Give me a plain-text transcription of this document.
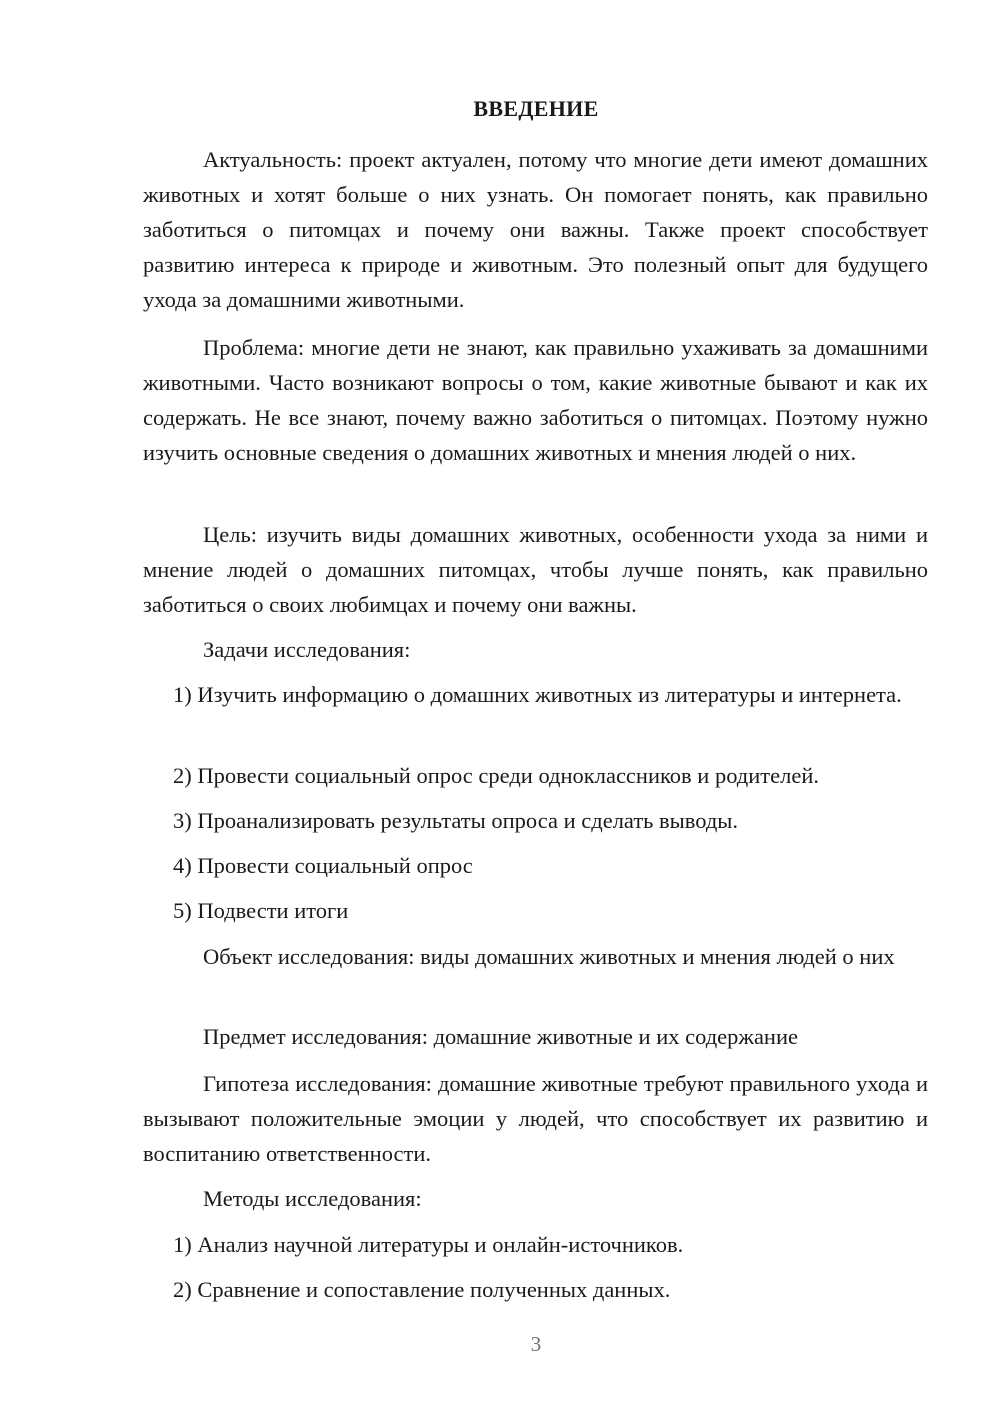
ВВЕДЕНИЕ

Актуальность: проект актуален, потому что многие дети имеют домашних животных и хотят больше о них узнать. Он помогает понять, как правильно заботиться о питомцах и почему они важны. Также проект способствует развитию интереса к природе и животным. Это полезный опыт для будущего ухода за домашними животными.

Проблема: многие дети не знают, как правильно ухаживать за домашними животными. Часто возникают вопросы о том, какие животные бывают и как их содержать. Не все знают, почему важно заботиться о питомцах. Поэтому нужно изучить основные сведения о домашних животных и мнения людей о них.

Цель: изучить виды домашних животных, особенности ухода за ними и мнение людей о домашних питомцах, чтобы лучше понять, как правильно заботиться о своих любимцах и почему они важны.

Задачи исследования:

1) Изучить информацию о домашних животных из литературы и интернета.

2) Провести социальный опрос среди одноклассников и родителей.

3) Проанализировать результаты опроса и сделать выводы.

4) Провести социальный опрос

5) Подвести итоги

Объект исследования: виды домашних животных и мнения людей о них

Предмет исследования: домашние животные и их содержание

Гипотеза исследования: домашние животные требуют правильного ухода и вызывают положительные эмоции у людей, что способствует их развитию и воспитанию ответственности.

Методы исследования:

1) Анализ научной литературы и онлайн-источников.

2) Сравнение и сопоставление полученных данных.

3
